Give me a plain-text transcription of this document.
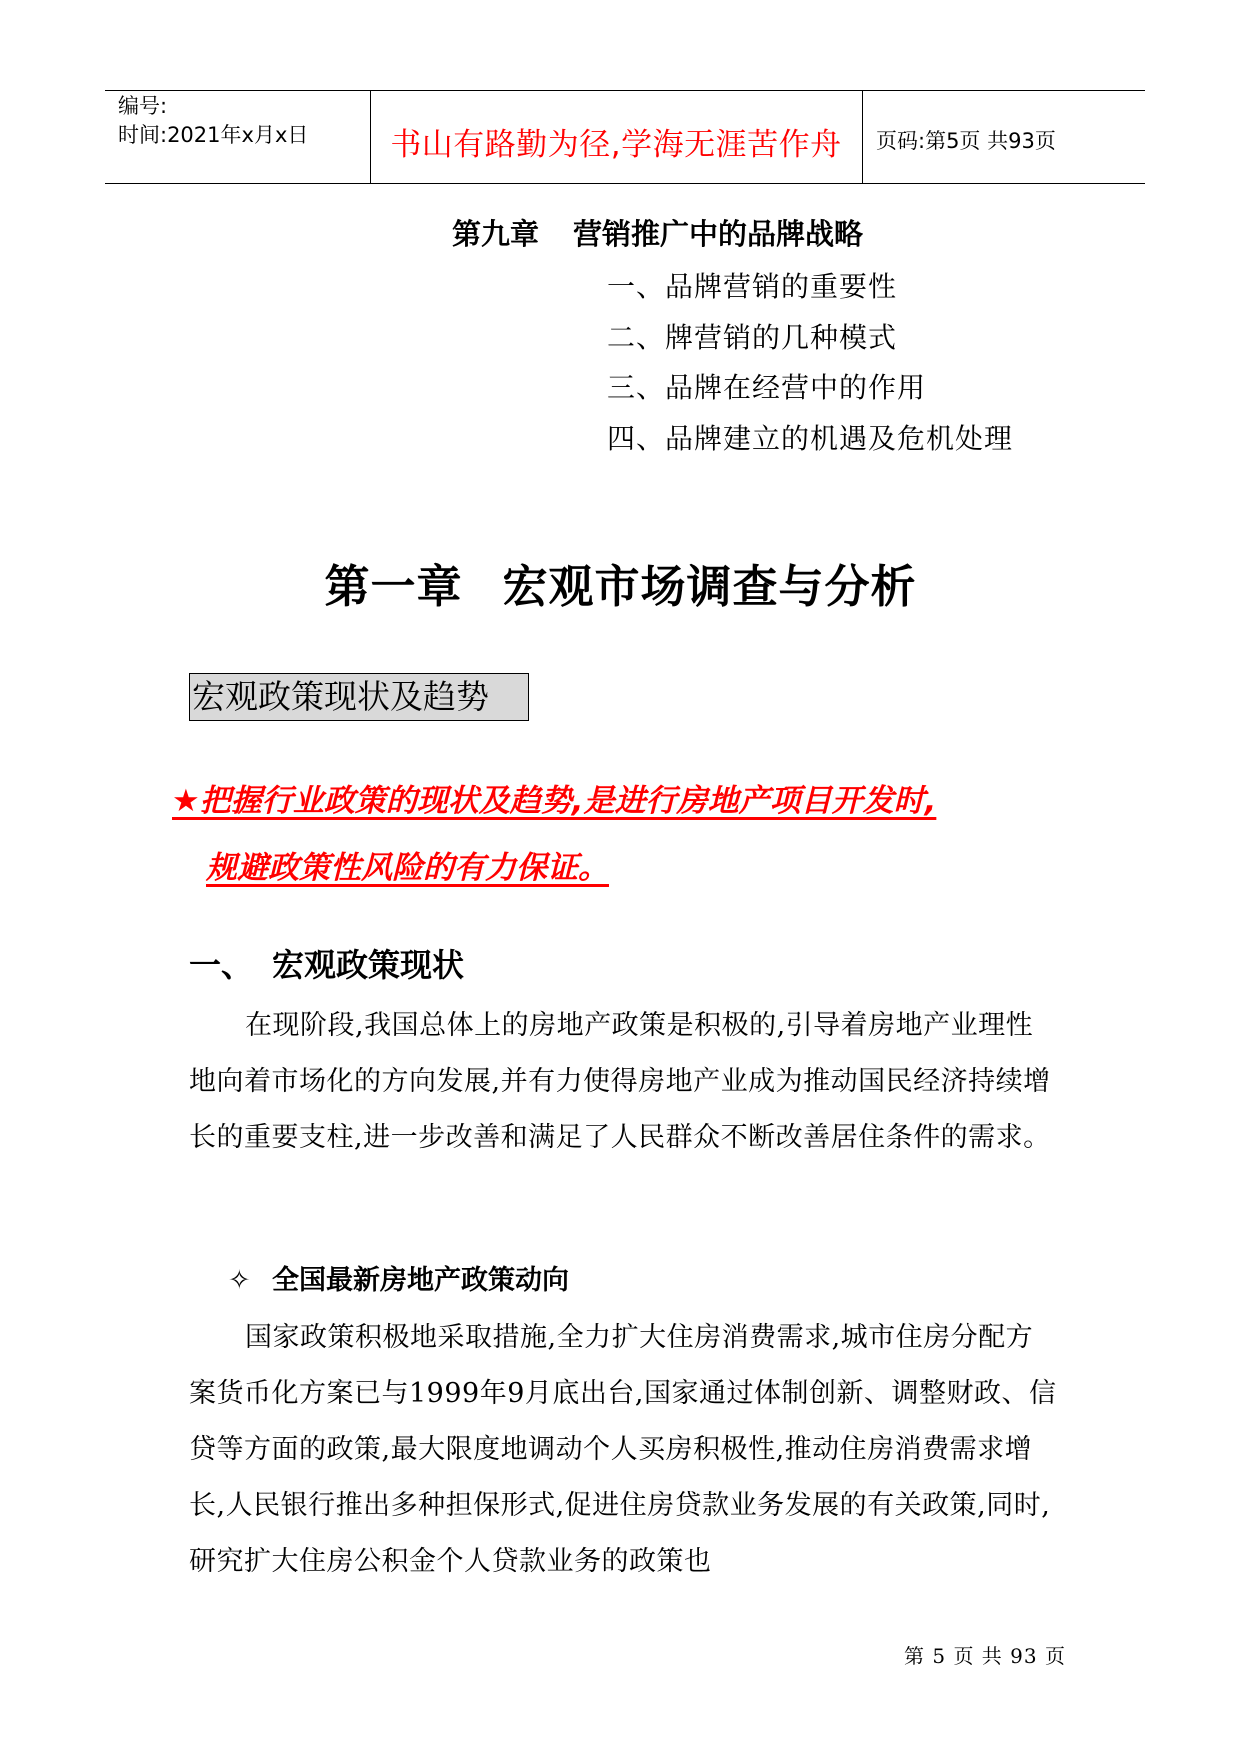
编号:
时间:2021年x月x日	书山有路勤为径,学海无涯苦作舟	页码:第5页 共93页
第九章 营销推广中的品牌战略
一、品牌营销的重要性
二、牌营销的几种模式
三、品牌在经营中的作用
四、品牌建立的机遇及危机处理
第一章 宏观市场调查与分析
宏观政策现状及趋势
★把握行业政策的现状及趋势,是进行房地产项目开发时,
规避政策性风险的有力保证。
一、 宏观政策现状
在现阶段,我国总体上的房地产政策是积极的,引导着房地产业理性地向着市场化的方向发展,并有力使得房地产业成为推动国民经济持续增长的重要支柱,进一步改善和满足了人民群众不断改善居住条件的需求。
✧ 全国最新房地产政策动向
国家政策积极地采取措施,全力扩大住房消费需求,城市住房分配方案货币化方案已与1999年9月底出台,国家通过体制创新、调整财政、信贷等方面的政策,最大限度地调动个人买房积极性,推动住房消费需求增长,人民银行推出多种担保形式,促进住房贷款业务发展的有关政策,同时,研究扩大住房公积金个人贷款业务的政策也
第 5 页 共 93 页
